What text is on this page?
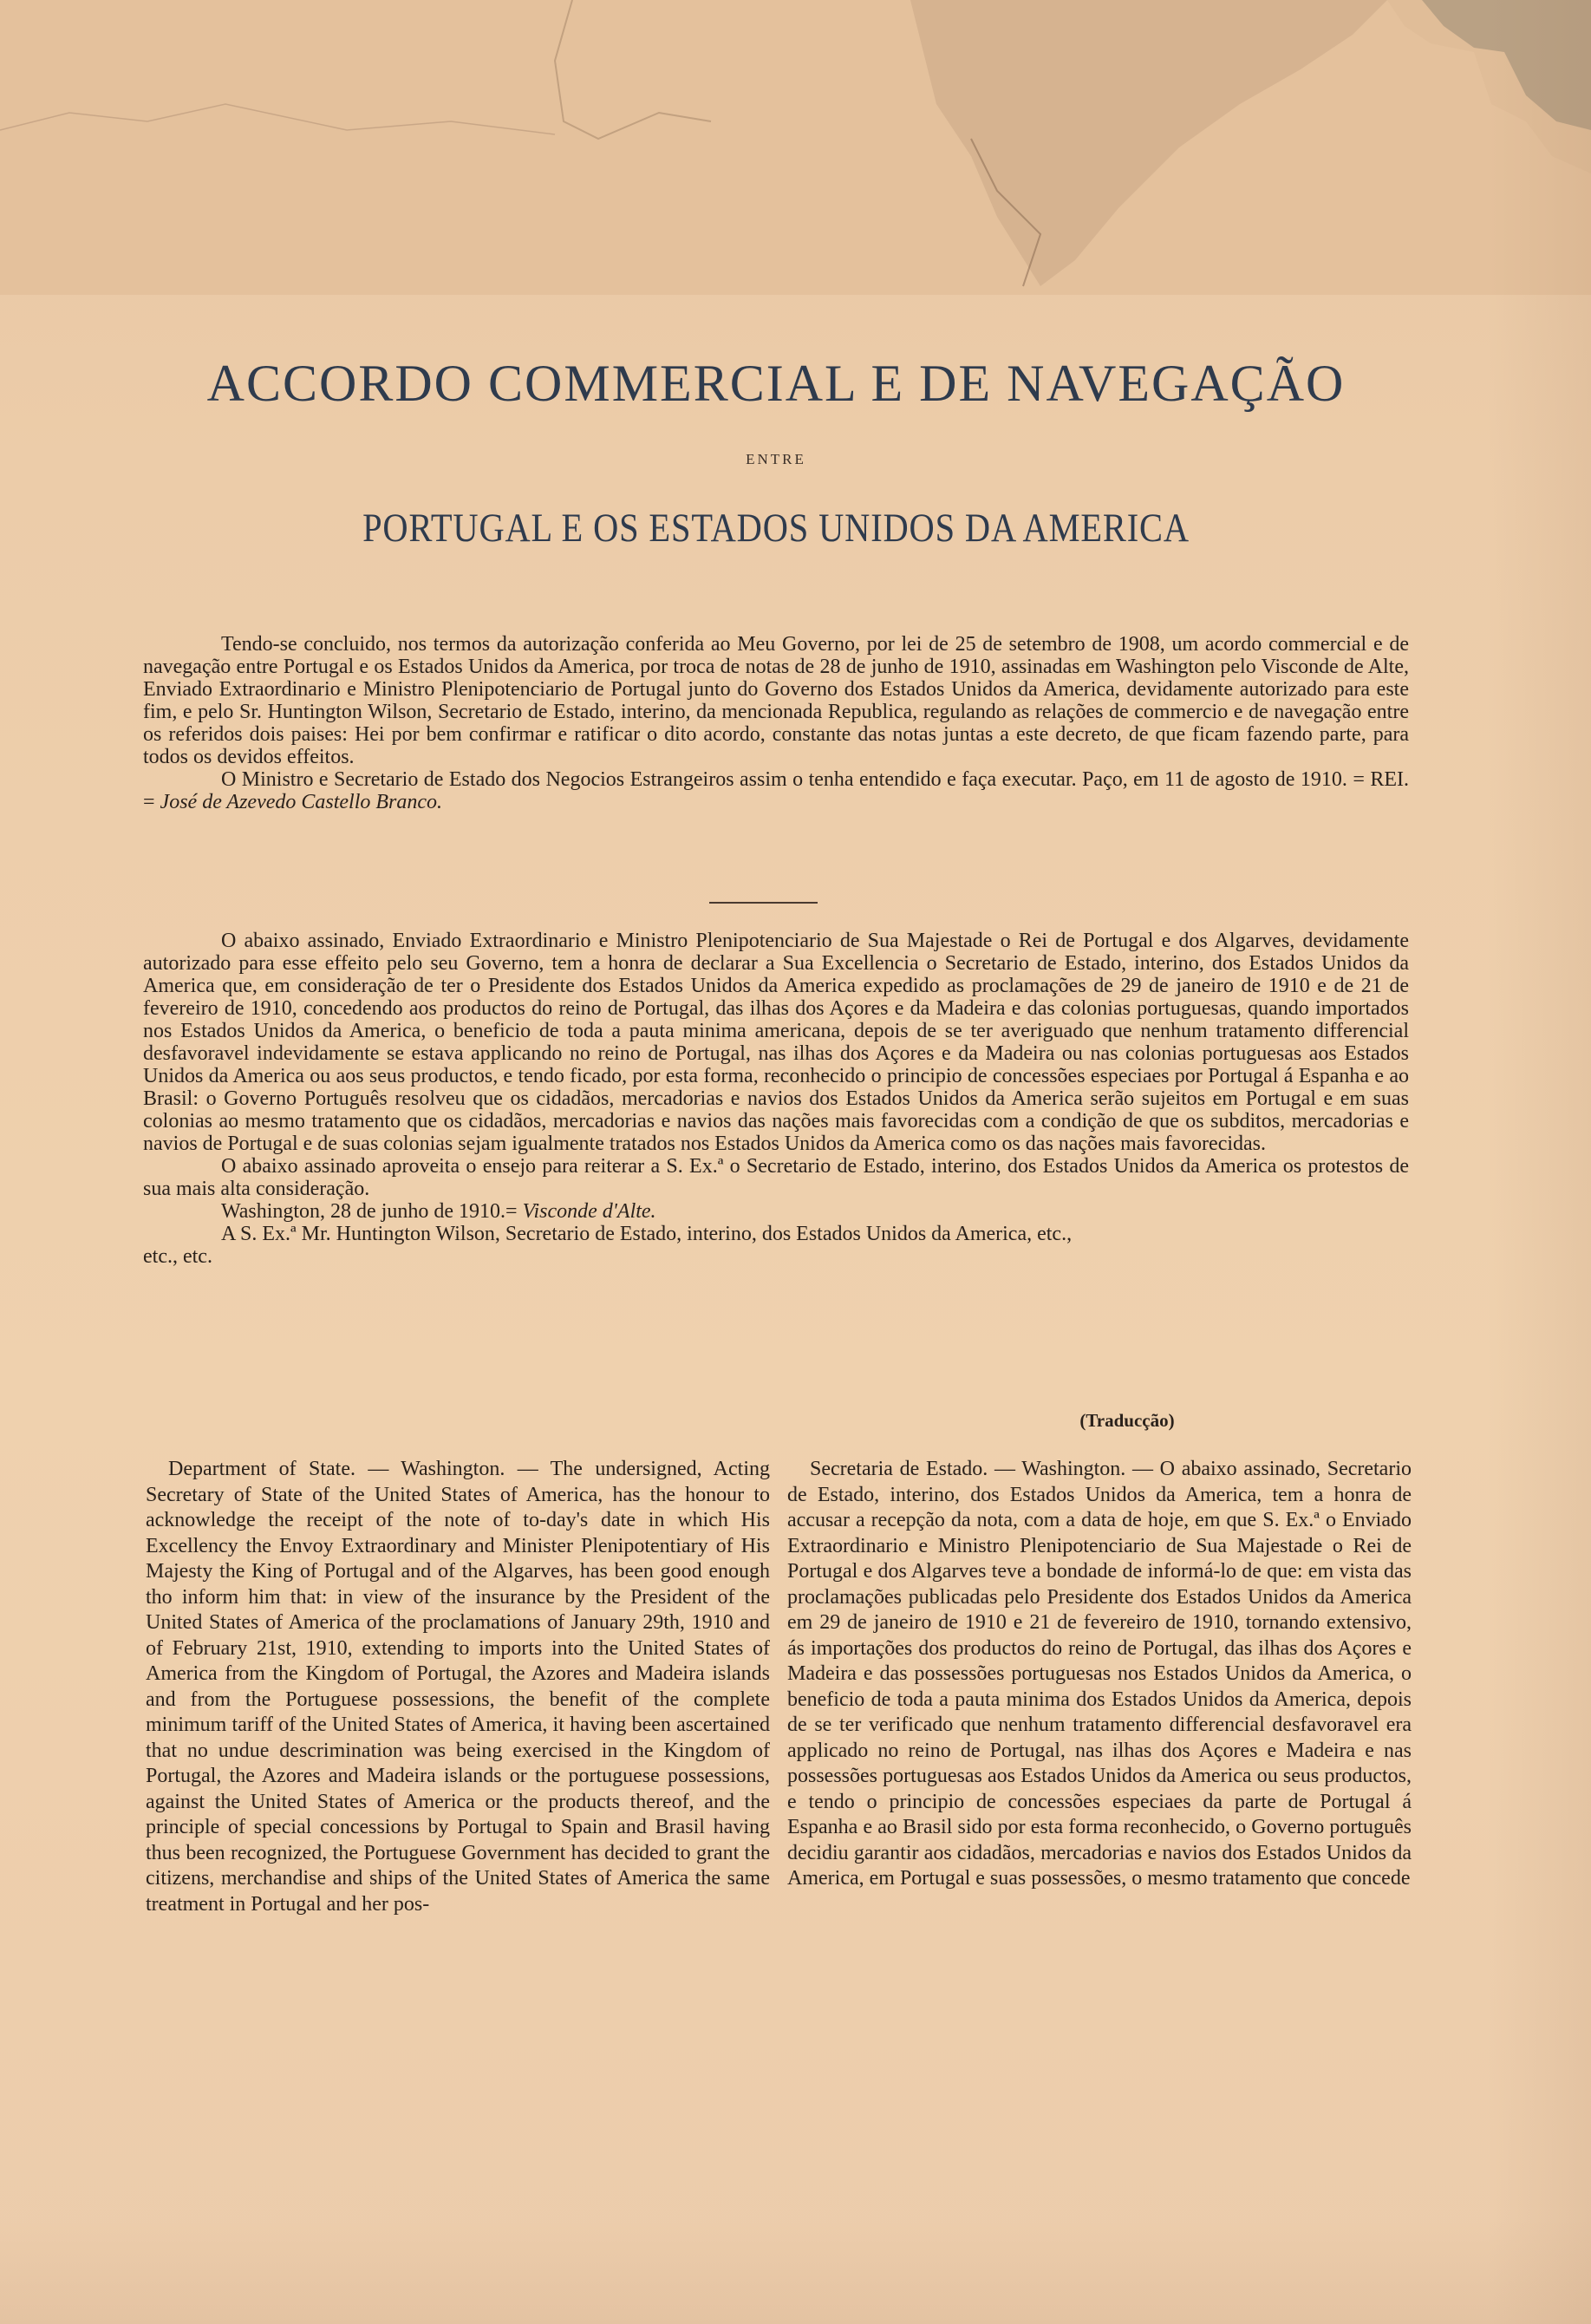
ACCORDO COMMERCIAL E DE NAVEGAÇÃO
ENTRE
PORTUGAL E OS ESTADOS UNIDOS DA AMERICA

Tendo-se concluido, nos termos da autorização conferida ao Meu Governo, por lei de 25 de setembro de 1908, um acordo commercial e de navegação entre Portugal e os Estados Unidos da America, por troca de notas de 28 de junho de 1910, assinadas em Washington pelo Visconde de Alte, Enviado Extraordinario e Ministro Plenipotenciario de Portugal junto do Governo dos Estados Unidos da America, devidamente autorizado para este fim, e pelo Sr. Huntington Wilson, Secretario de Estado, interino, da mencionada Republica, regulando as relações de commercio e de navegação entre os referidos dois paises: Hei por bem confirmar e ratificar o dito acordo, constante das notas juntas a este decreto, de que ficam fazendo parte, para todos os devidos effeitos.

O Ministro e Secretario de Estado dos Negocios Estrangeiros assim o tenha entendido e faça executar. Paço, em 11 de agosto de 1910. = REI. = José de Azevedo Castello Branco.

O abaixo assinado, Enviado Extraordinario e Ministro Plenipotenciario de Sua Majestade o Rei de Portugal e dos Algarves, devidamente autorizado para esse effeito pelo seu Governo, tem a honra de declarar a Sua Excellencia o Secretario de Estado, interino, dos Estados Unidos da America que, em consideração de ter o Presidente dos Estados Unidos da America expedido as proclamações de 29 de janeiro de 1910 e de 21 de fevereiro de 1910, concedendo aos productos do reino de Portugal, das ilhas dos Açores e da Madeira e das colonias portuguesas, quando importados nos Estados Unidos da America, o beneficio de toda a pauta minima americana, depois de se ter averiguado que nenhum tratamento differencial desfavoravel indevidamente se estava applicando no reino de Portugal, nas ilhas dos Açores e da Madeira ou nas colonias portuguesas aos Estados Unidos da America ou aos seus productos, e tendo ficado, por esta forma, reconhecido o principio de concessões especiaes por Portugal á Espanha e ao Brasil: o Governo Português resolveu que os cidadãos, mercadorias e navios dos Estados Unidos da America serão sujeitos em Portugal e em suas colonias ao mesmo tratamento que os cidadãos, mercadorias e navios das nações mais favorecidas com a condição de que os subditos, mercadorias e navios de Portugal e de suas colonias sejam igualmente tratados nos Estados Unidos da America como os das nações mais favorecidas.

O abaixo assinado aproveita o ensejo para reiterar a S. Ex.ª o Secretario de Estado, interino, dos Estados Unidos da America os protestos de sua mais alta consideração.

Washington, 28 de junho de 1910.= Visconde d'Alte.

A S. Ex.ª Mr. Huntington Wilson, Secretario de Estado, interino, dos Estados Unidos da America, etc.,

etc., etc.

(Traducção)

Department of State. — Washington. — The undersigned, Acting Secretary of State of the United States of America, has the honour to acknowledge the receipt of the note of to-day's date in which His Excellency the Envoy Extraordinary and Minister Plenipotentiary of His Majesty the King of Portugal and of the Algarves, has been good enough tho inform him that: in view of the insurance by the President of the United States of America of the proclamations of January 29th, 1910 and of February 21st, 1910, extending to imports into the United States of America from the Kingdom of Portugal, the Azores and Madeira islands and from the Portuguese possessions, the benefit of the complete minimum tariff of the United States of America, it having been ascertained that no undue descrimination was being exercised in the Kingdom of Portugal, the Azores and Madeira islands or the portuguese possessions, against the United States of America or the products thereof, and the principle of special concessions by Portugal to Spain and Brasil having thus been recognized, the Portuguese Government has decided to grant the citizens, merchandise and ships of the United States of America the same treatment in Portugal and her pos-

Secretaria de Estado. — Washington. — O abaixo assinado, Secretario de Estado, interino, dos Estados Unidos da America, tem a honra de accusar a recepção da nota, com a data de hoje, em que S. Ex.ª o Enviado Extraordinario e Ministro Plenipotenciario de Sua Majestade o Rei de Portugal e dos Algarves teve a bondade de informá-lo de que: em vista das proclamações publicadas pelo Presidente dos Estados Unidos da America em 29 de janeiro de 1910 e 21 de fevereiro de 1910, tornando extensivo, ás importações dos productos do reino de Portugal, das ilhas dos Açores e Madeira e das possessões portuguesas nos Estados Unidos da America, o beneficio de toda a pauta minima dos Estados Unidos da America, depois de se ter verificado que nenhum tratamento differencial desfavoravel era applicado no reino de Portugal, nas ilhas dos Açores e Madeira e nas possessões portuguesas aos Estados Unidos da America ou seus productos, e tendo o principio de concessões especiaes da parte de Portugal á Espanha e ao Brasil sido por esta forma reconhecido, o Governo português decidiu garantir aos cidadãos, mercadorias e navios dos Estados Unidos da America, em Portugal e suas possessões, o mesmo tratamento que concede
